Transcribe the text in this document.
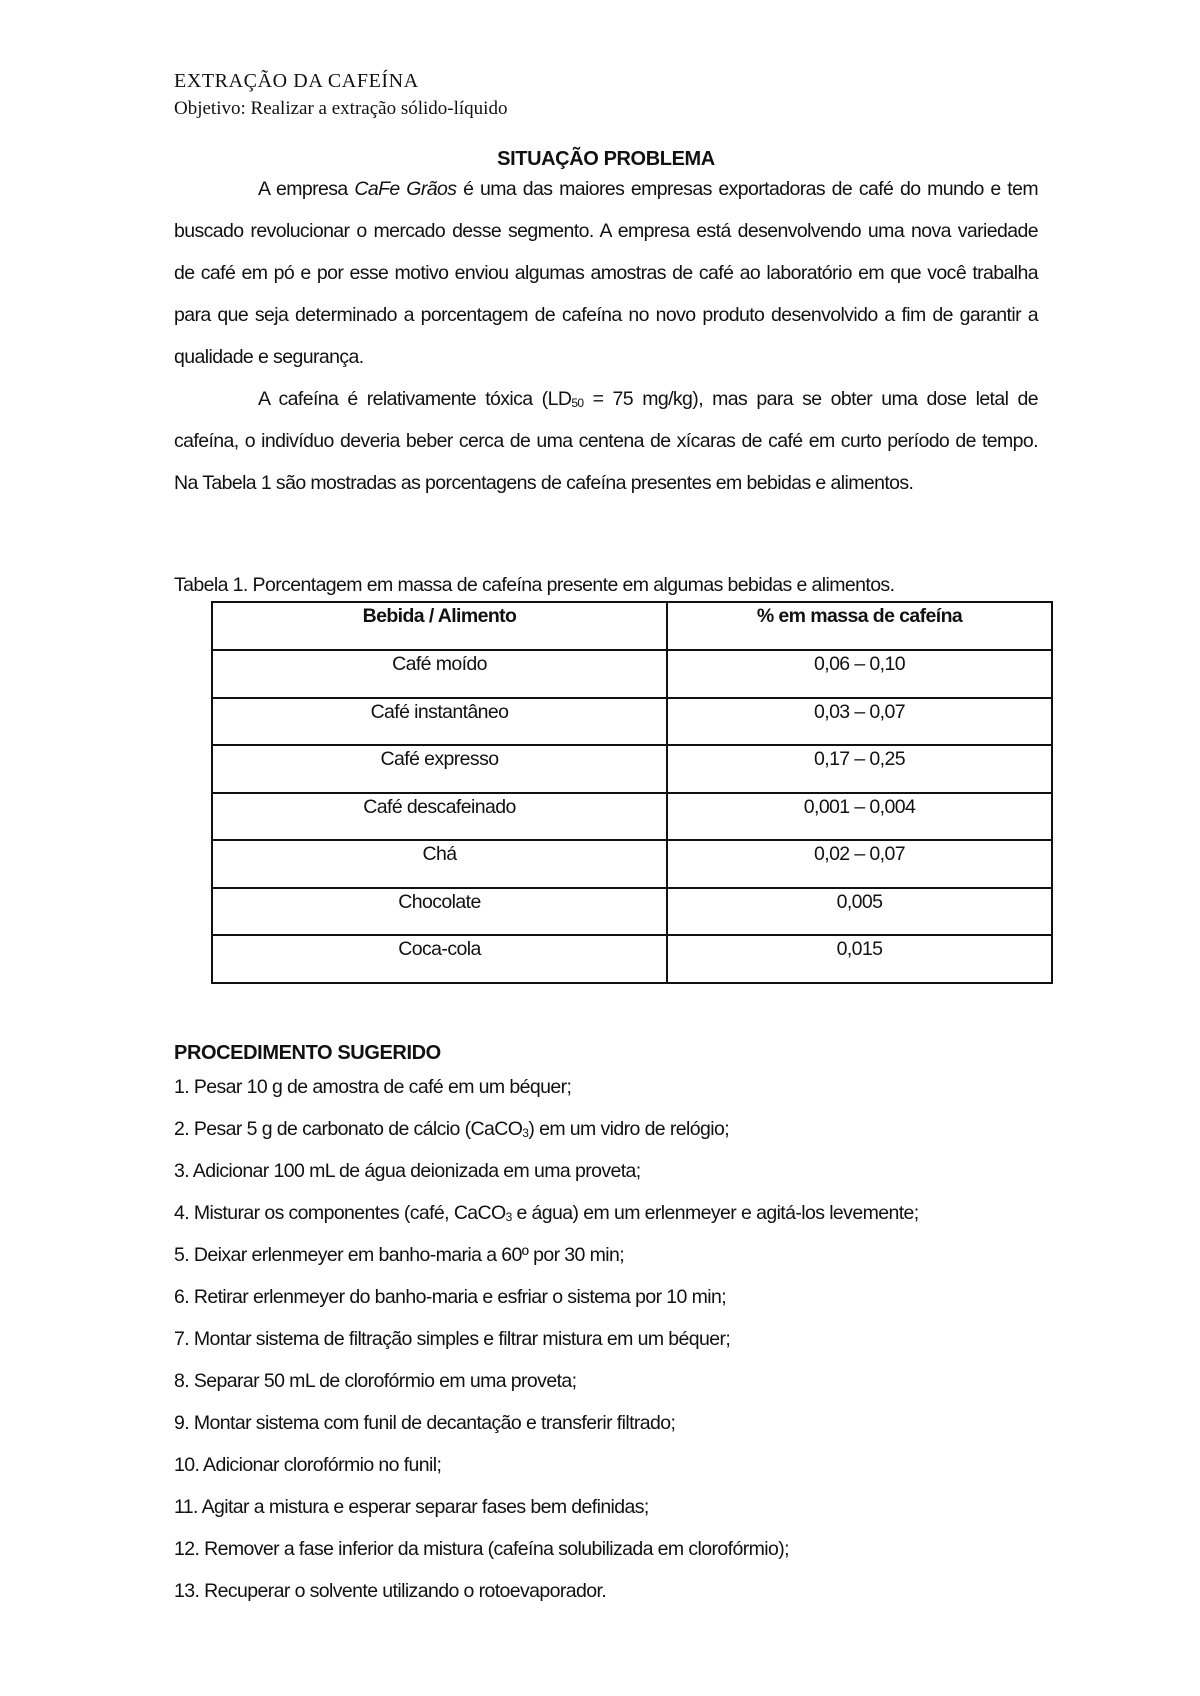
EXTRAÇÃO DA CAFEÍNA
Objetivo: Realizar a extração sólido-líquido
SITUAÇÃO PROBLEMA

A empresa CaFe Grãos é uma das maiores empresas exportadoras de café do mundo e tem buscado revolucionar o mercado desse segmento. A empresa está desenvolvendo uma nova variedade de café em pó e por esse motivo enviou algumas amostras de café ao laboratório em que você trabalha para que seja determinado a porcentagem de cafeína no novo produto desenvolvido a fim de garantir a qualidade e segurança.

A cafeína é relativamente tóxica ($LD_{50} = 75$ mg/kg), mas para se obter uma dose letal de cafeína, o indivíduo deveria beber cerca de uma centena de xícaras de café em curto período de tempo. Na Tabela 1 são mostradas as porcentagens de cafeína presentes em bebidas e alimentos.

Tabela 1. Porcentagem em massa de cafeína presente em algumas bebidas e alimentos.
Bebida / Alimento	% em massa de cafeína
Café moído	0,06 – 0,10
Café instantâneo	0,03 – 0,07
Café expresso	0,17 – 0,25
Café descafeinado	0,001 – 0,004
Chá	0,02 – 0,07
Chocolate	0,005
Coca-cola	0,015
PROCEDIMENTO SUGERIDO
1. Pesar 10 g de amostra de café em um béquer;
2. Pesar 5 g de carbonato de cálcio (CaCO$_3$) em um vidro de relógio;
3. Adicionar 100 mL de água deionizada em uma proveta;
4. Misturar os componentes (café, CaCO$_3$ e água) em um erlenmeyer e agitá-los levemente;
5. Deixar erlenmeyer em banho-maria a 60º por 30 min;
6. Retirar erlenmeyer do banho-maria e esfriar o sistema por 10 min;
7. Montar sistema de filtração simples e filtrar mistura em um béquer;
8. Separar 50 mL de clorofórmio em uma proveta;
9. Montar sistema com funil de decantação e transferir filtrado;
10. Adicionar clorofórmio no funil;
11. Agitar a mistura e esperar separar fases bem definidas;
12. Remover a fase inferior da mistura (cafeína solubilizada em clorofórmio);
13. Recuperar o solvente utilizando o rotoevaporador.
